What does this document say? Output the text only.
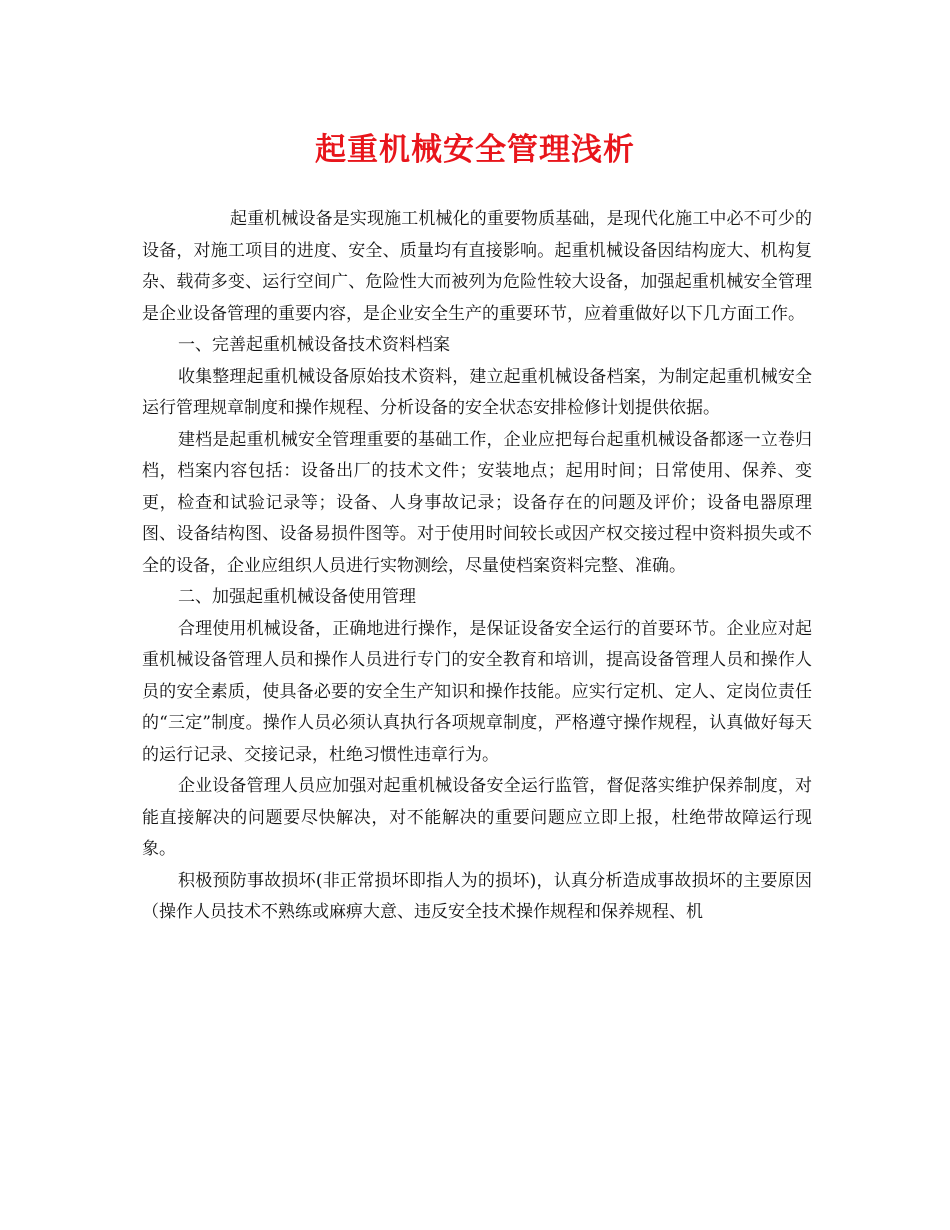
起重机械安全管理浅析

起重机械设备是实现施工机械化的重要物质基础，是现代化施工中必不可少的设备，对施工项目的进度、安全、质量均有直接影响。起重机械设备因结构庞大、机构复杂、载荷多变、运行空间广、危险性大而被列为危险性较大设备，加强起重机械安全管理是企业设备管理的重要内容，是企业安全生产的重要环节，应着重做好以下几方面工作。

一、完善起重机械设备技术资料档案

收集整理起重机械设备原始技术资料，建立起重机械设备档案，为制定起重机械安全运行管理规章制度和操作规程、分析设备的安全状态安排检修计划提供依据。

建档是起重机械安全管理重要的基础工作，企业应把每台起重机械设备都逐一立卷归档，档案内容包括：设备出厂的技术文件；安装地点；起用时间；日常使用、保养、变更，检查和试验记录等；设备、人身事故记录；设备存在的问题及评价；设备电器原理图、设备结构图、设备易损件图等。对于使用时间较长或因产权交接过程中资料损失或不全的设备，企业应组织人员进行实物测绘，尽量使档案资料完整、准确。

二、加强起重机械设备使用管理

合理使用机械设备，正确地进行操作，是保证设备安全运行的首要环节。企业应对起重机械设备管理人员和操作人员进行专门的安全教育和培训，提高设备管理人员和操作人员的安全素质，使具备必要的安全生产知识和操作技能。应实行定机、定人、定岗位责任的“三定”制度。操作人员必须认真执行各项规章制度，严格遵守操作规程，认真做好每天的运行记录、交接记录，杜绝习惯性违章行为。

企业设备管理人员应加强对起重机械设备安全运行监管，督促落实维护保养制度，对能直接解决的问题要尽快解决，对不能解决的重要问题应立即上报，杜绝带故障运行现象。

积极预防事故损坏(非正常损坏即指人为的损坏)，认真分析造成事故损坏的主要原因（操作人员技术不熟练或麻痹大意、违反安全技术操作规程和保养规程、机
